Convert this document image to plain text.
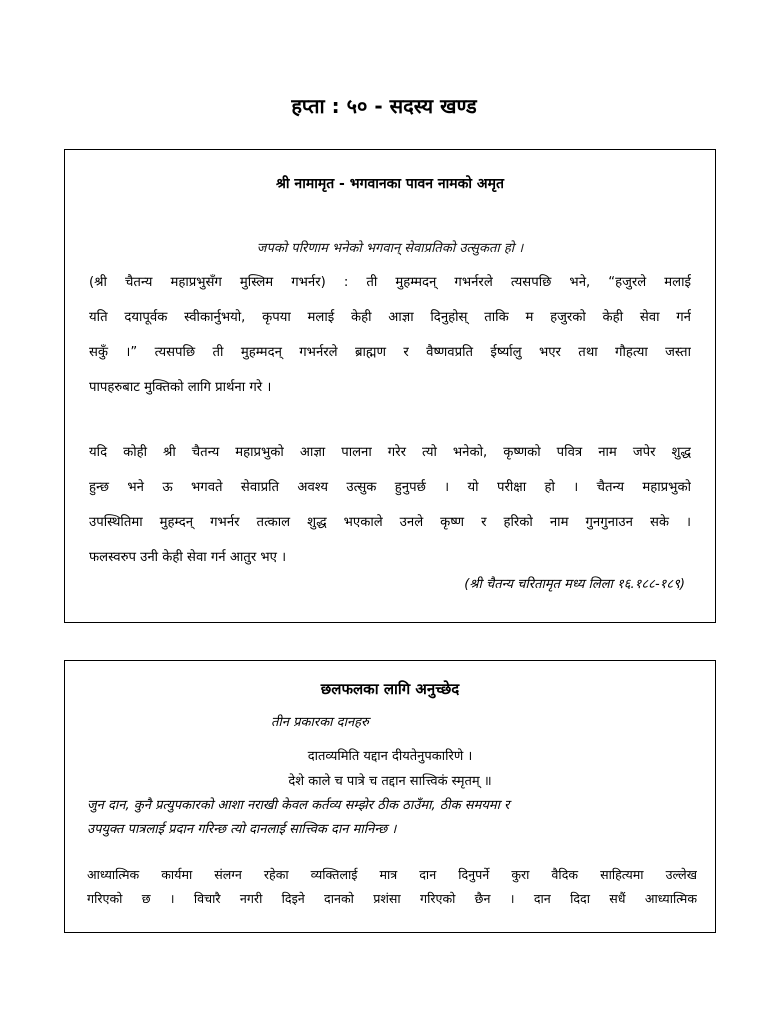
हप्ता : ५० - सदस्य खण्ड
श्री नामामृत - भगवानका पावन नामको अमृत
जपको परिणाम भनेको भगवान् सेवाप्रतिको उत्सुकता हो ।
(श्री चैतन्य महाप्रभुसँग मुस्लिम गभर्नर) : ती मुहम्मदन् गभर्नरले त्यसपछि भने, “हजुरले मलाई
यति दयापूर्वक स्वीकार्नुभयो, कृपया मलाई केही आज्ञा दिनुहोस् ताकि म हजुरको केही सेवा गर्न
सकुँ ।” त्यसपछि ती मुहम्मदन् गभर्नरले ब्राह्मण र वैष्णवप्रति ईर्ष्यालु भएर तथा गौहत्या जस्ता
पापहरुबाट मुक्तिको लागि प्रार्थना गरे ।
यदि कोही श्री चैतन्य महाप्रभुको आज्ञा पालना गरेर त्यो भनेको, कृष्णको पवित्र नाम जपेर शुद्ध
हुन्छ भने ऊ भगवते सेवाप्रति अवश्य उत्सुक हुनुपर्छ । यो परीक्षा हो । चैतन्य महाप्रभुको
उपस्थितिमा मुहम्दन् गभर्नर तत्काल शुद्ध भएकाले उनले कृष्ण र हरिको नाम गुनगुनाउन सके ।
फलस्वरुप उनी केही सेवा गर्न आतुर भए ।
(श्री चैतन्य चरितामृत मध्य लिला १६.१८८-१८९)
छलफलका लागि अनुच्छेद
तीन प्रकारका दानहरु
दातव्यमिति यद्दान दीयतेनुपकारिणे ।
देशे काले च पात्रे च तद्दान सात्त्विकं स्मृतम् ॥
जुन दान, कुनै प्रत्युपकारको आशा नराखी केवल कर्तव्य सम्झेर ठीक ठाउँमा, ठीक समयमा र
उपयुक्त पात्रलाई प्रदान गरिन्छ त्यो दानलाई सात्त्विक दान मानिन्छ ।
आध्यात्मिक कार्यमा संलग्न रहेका व्यक्तिलाई मात्र दान दिनुपर्ने कुरा वैदिक साहित्यमा उल्लेख
गरिएको छ । विचारै नगरी दिइने दानको प्रशंसा गरिएको छैन । दान दिदा सधैं आध्यात्मिक
